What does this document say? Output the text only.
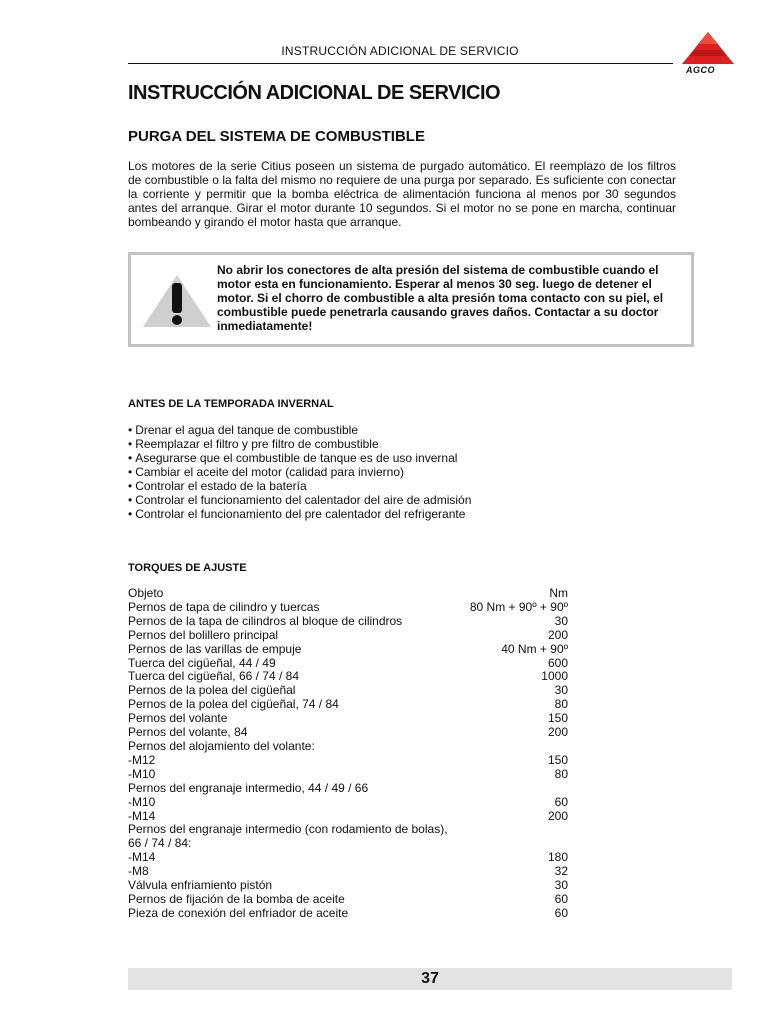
INSTRUCCIÓN ADICIONAL DE SERVICIO
AGCO
INSTRUCCIÓN ADICIONAL DE SERVICIO
PURGA DEL SISTEMA DE COMBUSTIBLE

Los motores de la serie Citius poseen un sistema de purgado automático. El reemplazo de los filtros de combustible o la falta del mismo no requiere de una purga por separado. Es suficiente con conectar la corriente y permitir que la bomba eléctrica de alimentación funciona al menos por 30 segundos antes del arranque. Girar el motor durante 10 segundos. Si el motor no se pone en marcha, continuar bombeando y girando el motor hasta que arranque.

No abrir los conectores de alta presión del sistema de combustible cuando el motor esta en funcionamiento. Esperar al menos 30 seg. luego de detener el motor. Si el chorro de combustible a alta presión toma contacto con su piel, el combustible puede penetrarla causando graves daños. Contactar a su doctor inmediatamente!

ANTES DE LA TEMPORADA INVERNAL
• Drenar el agua del tanque de combustible
• Reemplazar el filtro y pre filtro de combustible
• Asegurarse que el combustible de tanque es de uso invernal
• Cambiar el aceite del motor (calidad para invierno)
• Controlar el estado de la batería
• Controlar el funcionamiento del calentador del aire de admisión
• Controlar el funcionamiento del pre calentador del refrigerante
TORQUES DE AJUSTE
Objeto	Nm
Pernos de tapa de cilindro y tuercas	80 Nm + 90º + 90º
Pernos de la tapa de cilindros al bloque de cilindros	30
Pernos del bolillero principal	200
Pernos de las varillas de empuje	40 Nm + 90º
Tuerca del cigüeñal, 44 / 49	600
Tuerca del cigüeñal, 66 / 74 / 84	1000
Pernos de la polea del cigüeñal	30
Pernos de la polea del cigüeñal, 74 / 84	80
Pernos del volante	150
Pernos del volante, 84	200
Pernos del alojamiento del volante:	
-M12	150
-M10	80
Pernos del engranaje intermedio, 44 / 49 / 66	
-M10	60
-M14	200
Pernos del engranaje intermedio (con rodamiento de bolas),	
66 / 74 / 84:	
-M14	180
-M8	32
Válvula enfriamiento pistón	30
Pernos de fijación de la bomba de aceite	60
Pieza de conexión del enfriador de aceite	60
37
